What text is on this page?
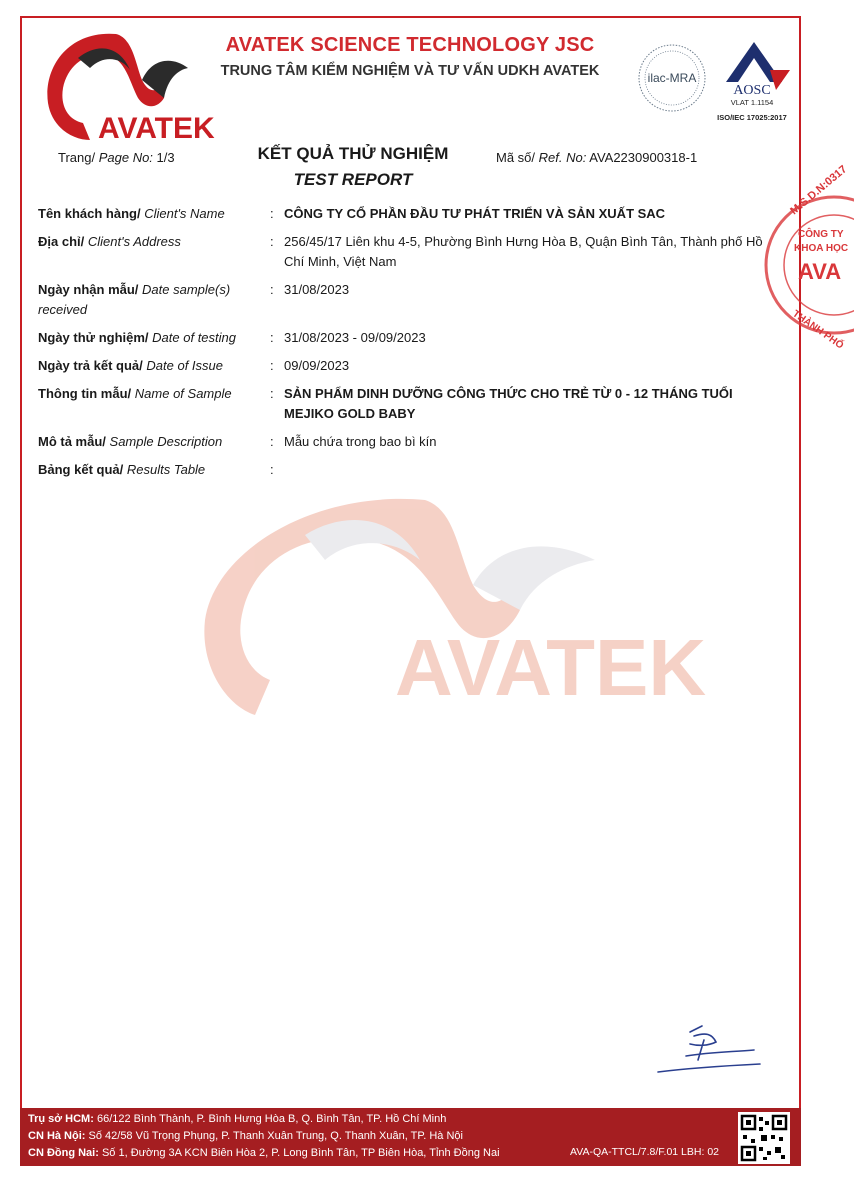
AVATEK
AVATEK SCIENCE TECHNOLOGY JSC
TRUNG TÂM KIỂM NGHIỆM VÀ TƯ VẤN UDKH AVATEK	ilac-MRA
AOSC
VLAT 1.1154
ISO/IEC 17025:2017
Trang/ Page No: 1/3	KẾT QUẢ THỬ NGHIỆM
TEST REPORT
Mã số/ Ref. No: AVA2230900318-1
M.S.D.N:0317
CÔNG TY
KHOA HỌC
AVA
THÀNH PHỐ
AVATEK
Tên khách hàng/ Client's Name	: CÔNG TY CỔ PHẦN ĐẦU TƯ PHÁT TRIỂN VÀ SẢN XUẤT SAC
Địa chỉ/ Client's Address	: 256/45/17 Liên khu 4-5, Phường Bình Hưng Hòa B, Quận Bình Tân, Thành phố Hồ Chí Minh, Việt Nam
Ngày nhận mẫu/ Date sample(s) received
: 31/08/2023
Ngày thử nghiệm/ Date of testing	: 31/08/2023 - 09/09/2023
Ngày trả kết quả/ Date of Issue	: 09/09/2023
Thông tin mẫu/ Name of Sample	: SẢN PHẨM DINH DƯỠNG CÔNG THỨC CHO TRẺ TỪ 0 - 12 THÁNG TUỔI MEJIKO GOLD BABY
Mô tả mẫu/ Sample Description	: Mẫu chứa trong bao bì kín
Bảng kết quả/ Results Table	:
Trụ sở HCM: 66/122 Bình Thành, P. Bình Hưng Hòa B, Q. Bình Tân, TP. Hồ Chí Minh
CN Hà Nội: Số 42/58 Vũ Trọng Phụng, P. Thanh Xuân Trung, Q. Thanh Xuân, TP. Hà Nội
CN Đồng Nai: Số 1, Đường 3A KCN Biên Hòa 2, P. Long Bình Tân, TP Biên Hòa, Tỉnh Đồng Nai	AVA-QA-TTCL/7.8/F.01 LBH: 02
